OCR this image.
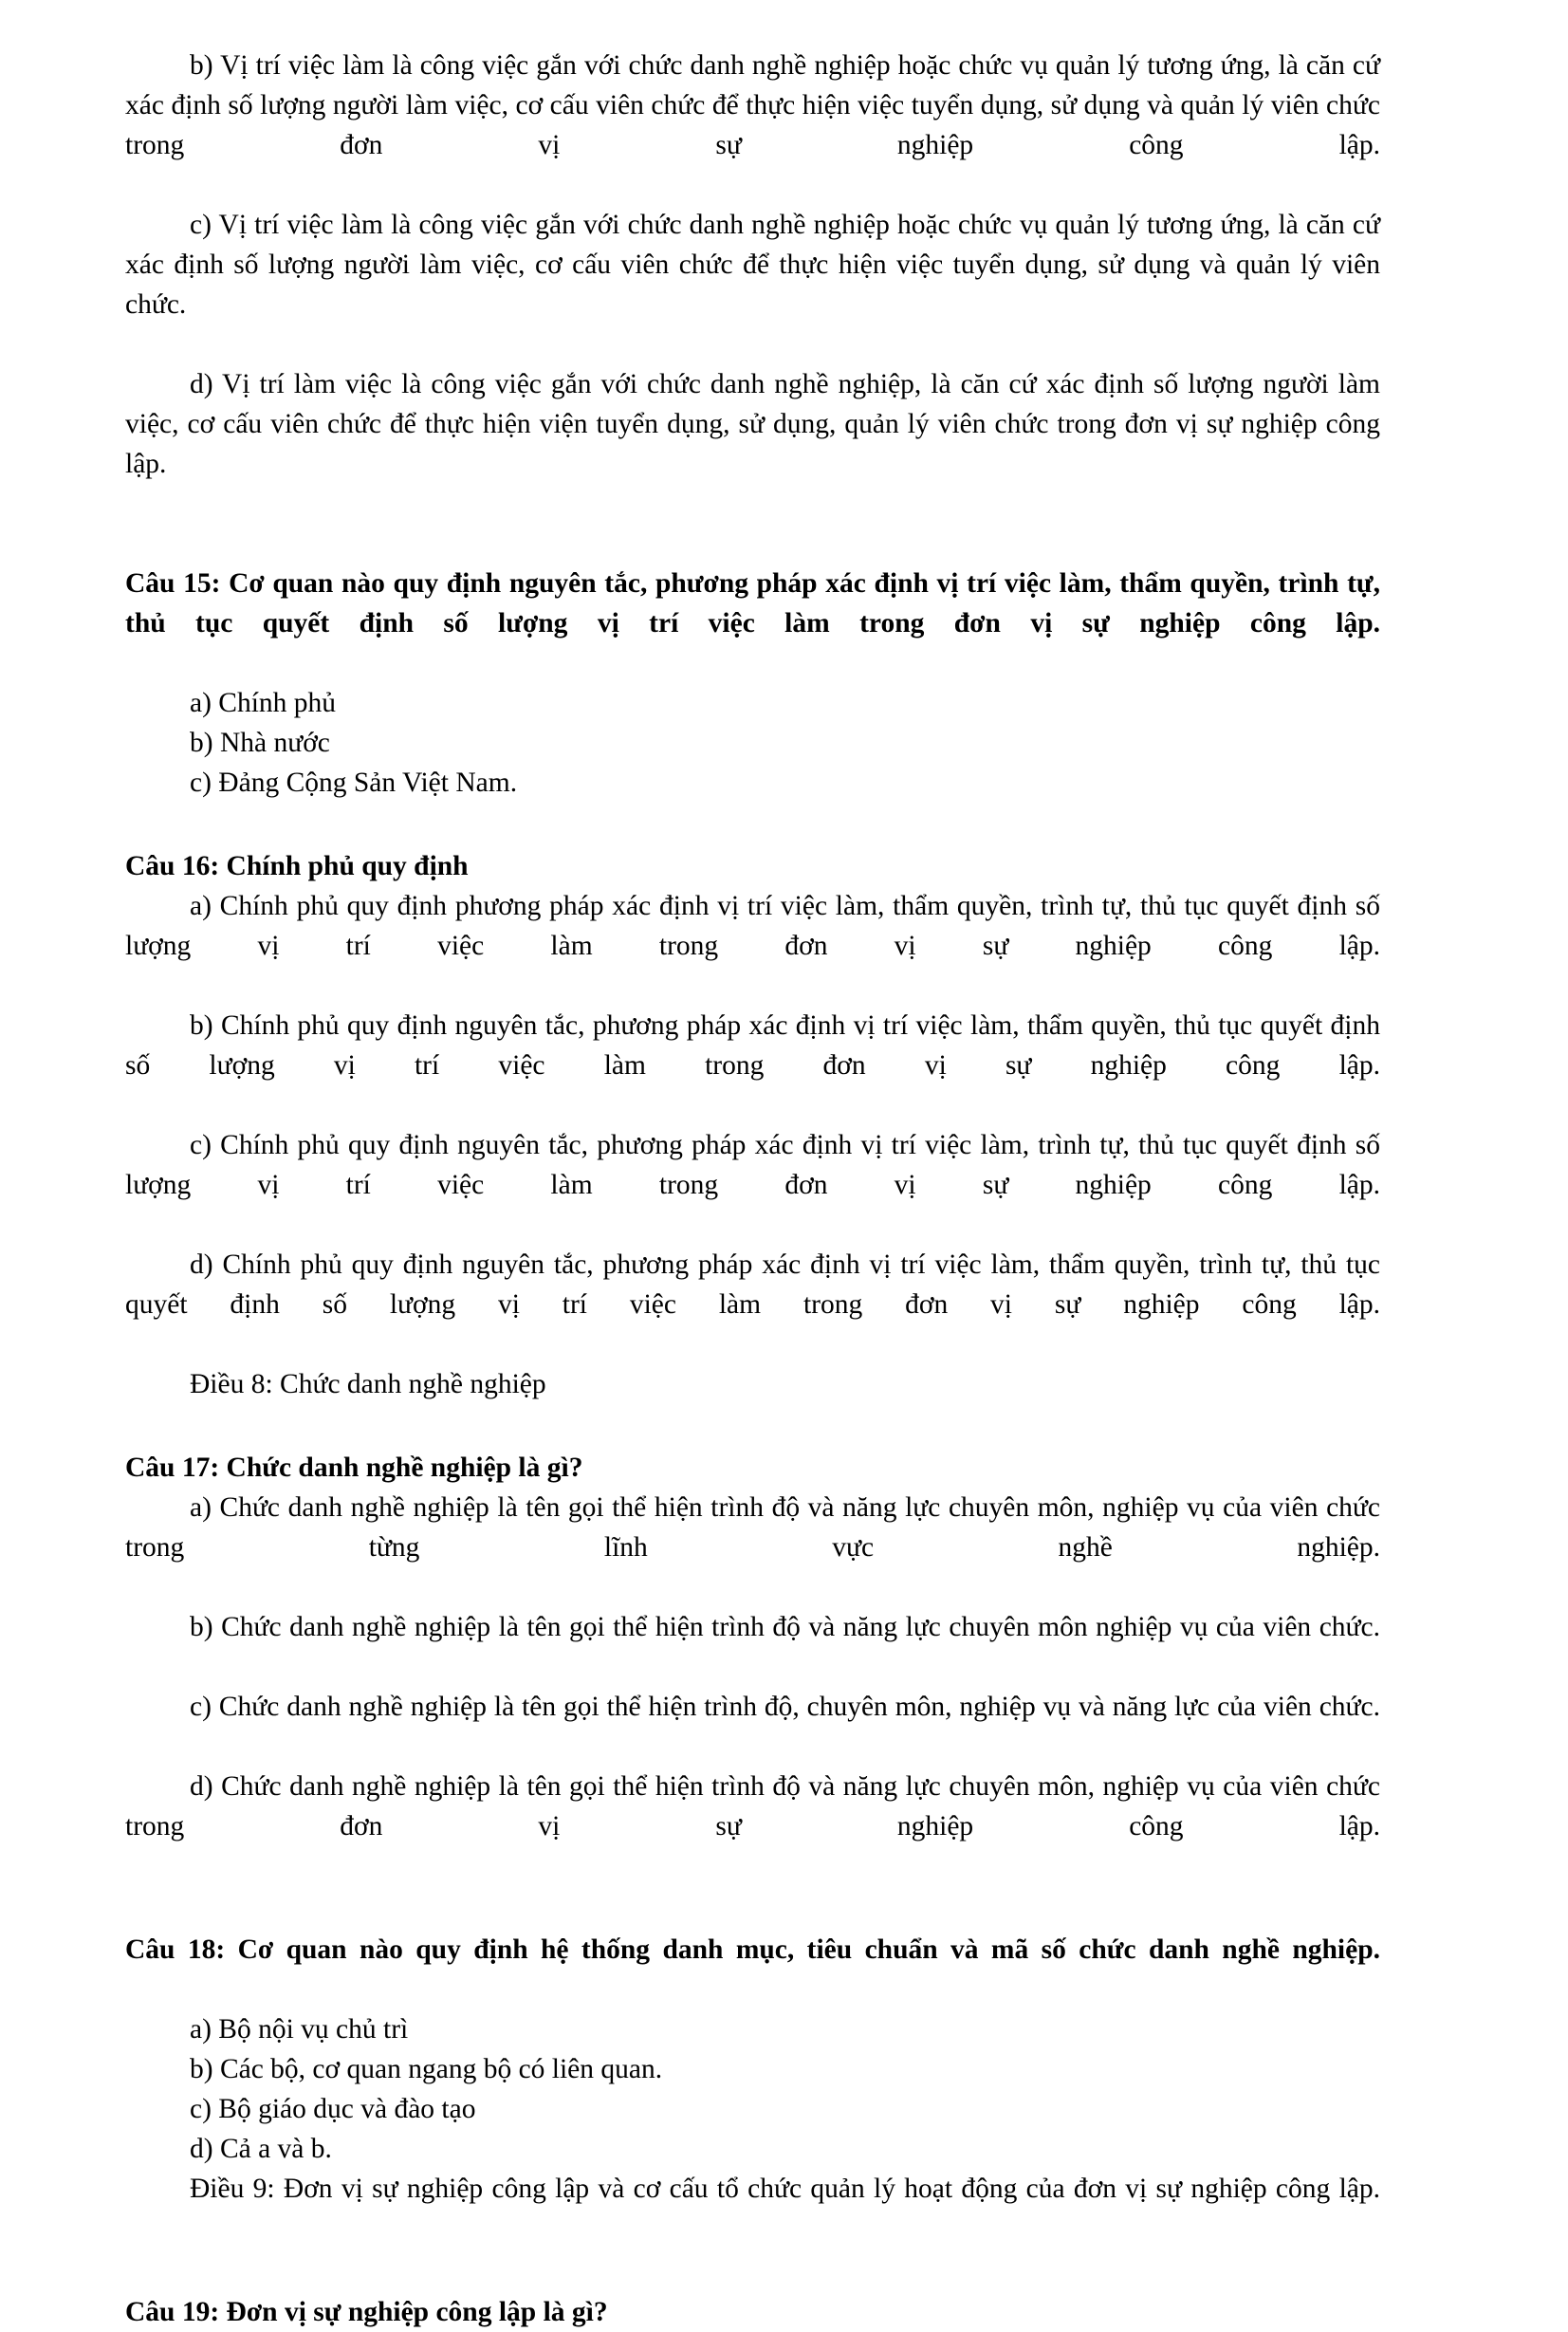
b) Vị trí việc làm là công việc gắn với chức danh nghề nghiệp hoặc chức vụ quản lý tương ứng, là căn cứ xác định số lượng người làm việc, cơ cấu viên chức để thực hiện việc tuyển dụng, sử dụng và quản lý viên chức trong đơn vị sự nghiệp công lập.

c) Vị trí việc làm là công việc gắn với chức danh nghề nghiệp hoặc chức vụ quản lý tương ứng, là căn cứ xác định số lượng người làm việc, cơ cấu viên chức để thực hiện việc tuyển dụng, sử dụng và quản lý viên chức.

d) Vị trí làm việc là công việc gắn với chức danh nghề nghiệp, là căn cứ xác định số lượng người làm việc, cơ cấu viên chức để thực hiện viện tuyển dụng, sử dụng, quản lý viên chức trong đơn vị sự nghiệp công lập.

Câu 15: Cơ quan nào quy định nguyên tắc, phương pháp xác định vị trí việc làm, thẩm quyền, trình tự, thủ tục quyết định số lượng vị trí việc làm trong đơn vị sự nghiệp công lập.

a) Chính phủ

b) Nhà nước

c) Đảng Cộng Sản Việt Nam.

Câu 16: Chính phủ quy định

a) Chính phủ quy định phương pháp xác định vị trí việc làm, thẩm quyền, trình tự, thủ tục quyết định số lượng vị trí việc làm trong đơn vị sự nghiệp công lập.

b) Chính phủ quy định nguyên tắc, phương pháp xác định vị trí việc làm, thẩm quyền, thủ tục quyết định số lượng vị trí việc làm trong đơn vị sự nghiệp công lập.

c) Chính phủ quy định nguyên tắc, phương pháp xác định vị trí việc làm, trình tự, thủ tục quyết định số lượng vị trí việc làm trong đơn vị sự nghiệp công lập.

d) Chính phủ quy định nguyên tắc, phương pháp xác định vị trí việc làm, thẩm quyền, trình tự, thủ tục quyết định số lượng vị trí việc làm trong đơn vị sự nghiệp công lập.

Điều 8: Chức danh nghề nghiệp

Câu 17: Chức danh nghề nghiệp là gì?

a) Chức danh nghề nghiệp là tên gọi thể hiện trình độ và năng lực chuyên môn, nghiệp vụ của viên chức trong từng lĩnh vực nghề nghiệp.

b) Chức danh nghề nghiệp là tên gọi thể hiện trình độ và năng lực chuyên môn nghiệp vụ của viên chức.

c) Chức danh nghề nghiệp là tên gọi thể hiện trình độ, chuyên môn, nghiệp vụ và năng lực của viên chức.

d) Chức danh nghề nghiệp là tên gọi thể hiện trình độ và năng lực chuyên môn, nghiệp vụ của viên chức trong đơn vị sự nghiệp công lập.

Câu 18: Cơ quan nào quy định hệ thống danh mục, tiêu chuẩn và mã số chức danh nghề nghiệp.

a) Bộ nội vụ chủ trì

b) Các bộ, cơ quan ngang bộ có liên quan.

c) Bộ giáo dục và đào tạo

d) Cả a và b.

Điều 9: Đơn vị sự nghiệp công lập và cơ cấu tổ chức quản lý hoạt động của đơn vị sự nghiệp công lập.

Câu 19: Đơn vị sự nghiệp công lập là gì?
